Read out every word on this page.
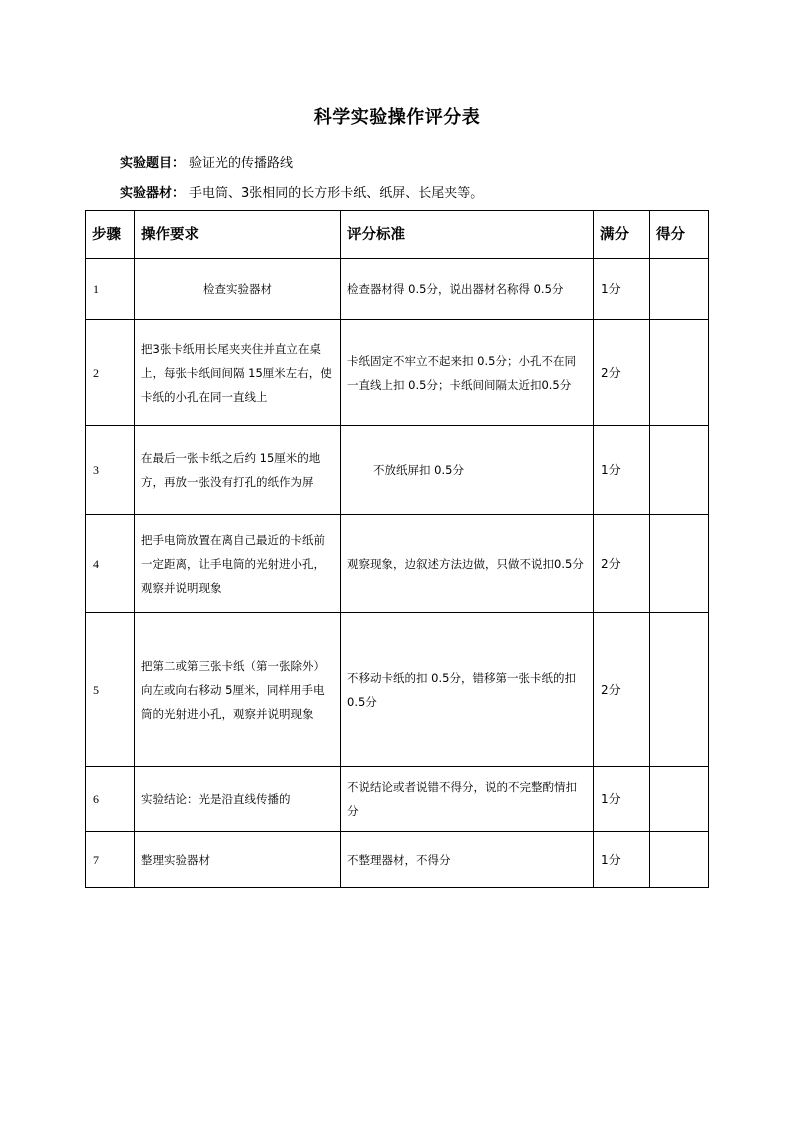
科学实验操作评分表
实验题目： 验证光的传播路线
实验器材： 手电筒、3张相同的长方形卡纸、纸屏、长尾夹等。
步骤	操作要求	评分标准	满分	得分
1	检查实验器材	检查器材得 0.5分，说出器材名称得 0.5分	1分	
2	把3张卡纸用长尾夹夹住并直立在桌上，每张卡纸间间隔 15厘米左右，使卡纸的小孔在同一直线上	卡纸固定不牢立不起来扣 0.5分；小孔不在同一直线上扣 0.5分；卡纸间间隔太近扣0.5分	2分	
3	在最后一张卡纸之后约 15厘米的地方，再放一张没有打孔的纸作为屏	不放纸屏扣 0.5分	1分	
4	把手电筒放置在离自己最近的卡纸前一定距离，让手电筒的光射进小孔，观察并说明现象	观察现象，边叙述方法边做，只做不说扣0.5分	2分	
5	把第二或第三张卡纸（第一张除外）向左或向右移动 5厘米，同样用手电筒的光射进小孔，观察并说明现象	不移动卡纸的扣 0.5分，错移第一张卡纸的扣 0.5分	2分	
6	实验结论：光是沿直线传播的	不说结论或者说错不得分，说的不完整酌情扣分	1分	
7	整理实验器材	不整理器材，不得分	1分	
